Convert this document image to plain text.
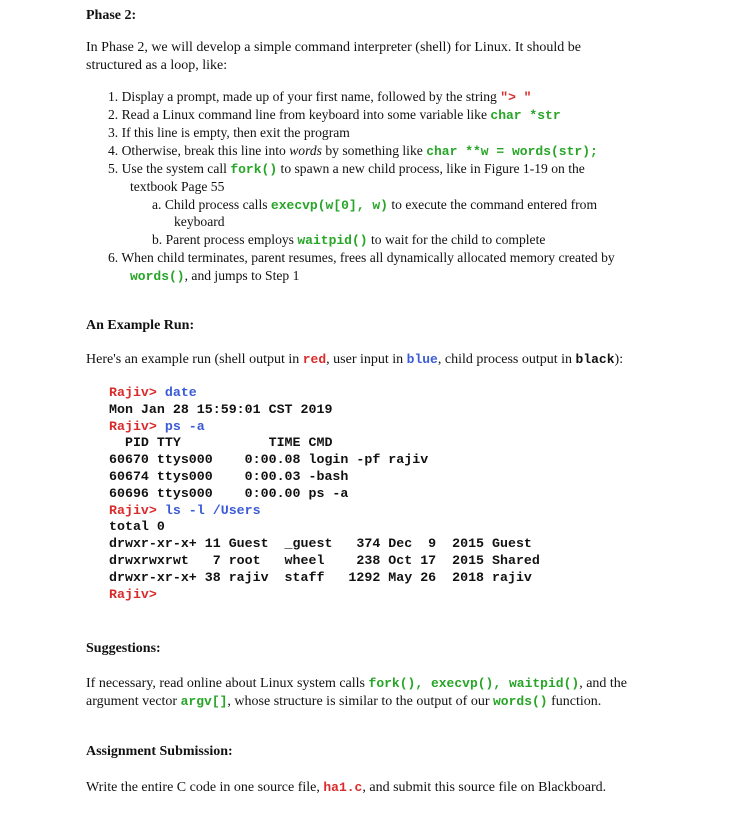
Phase 2:
In Phase 2, we will develop a simple command interpreter (shell) for Linux. It should be
structured as a loop, like:
1. Display a prompt, made up of your first name, followed by the string "> "
2. Read a Linux command line from keyboard into some variable like char *str
3. If this line is empty, then exit the program
4. Otherwise, break this line into words by something like char **w = words(str);
5. Use the system call fork() to spawn a new child process, like in Figure 1-19 on the
textbook Page 55
a. Child process calls execvp(w[0], w) to execute the command entered from
keyboard
b. Parent process employs waitpid() to wait for the child to complete
6. When child terminates, parent resumes, frees all dynamically allocated memory created by
words(), and jumps to Step 1
An Example Run:
Here's an example run (shell output in red, user input in blue, child process output in black):
Rajiv> date
Mon Jan 28 15:59:01 CST 2019
Rajiv> ps -a
PID TTY           TIME CMD
60670 ttys000    0:00.08 login -pf rajiv
60674 ttys000    0:00.03 -bash
60696 ttys000    0:00.00 ps -a
Rajiv> ls -l /Users
total 0
drwxr-xr-x+ 11 Guest  _guest   374 Dec  9  2015 Guest
drwxrwxrwt   7 root   wheel    238 Oct 17  2015 Shared
drwxr-xr-x+ 38 rajiv  staff   1292 May 26  2018 rajiv
Rajiv>
Suggestions:
If necessary, read online about Linux system calls fork(), execvp(), waitpid(), and the
argument vector argv[], whose structure is similar to the output of our words() function.
Assignment Submission:
Write the entire C code in one source file, ha1.c, and submit this source file on Blackboard.
